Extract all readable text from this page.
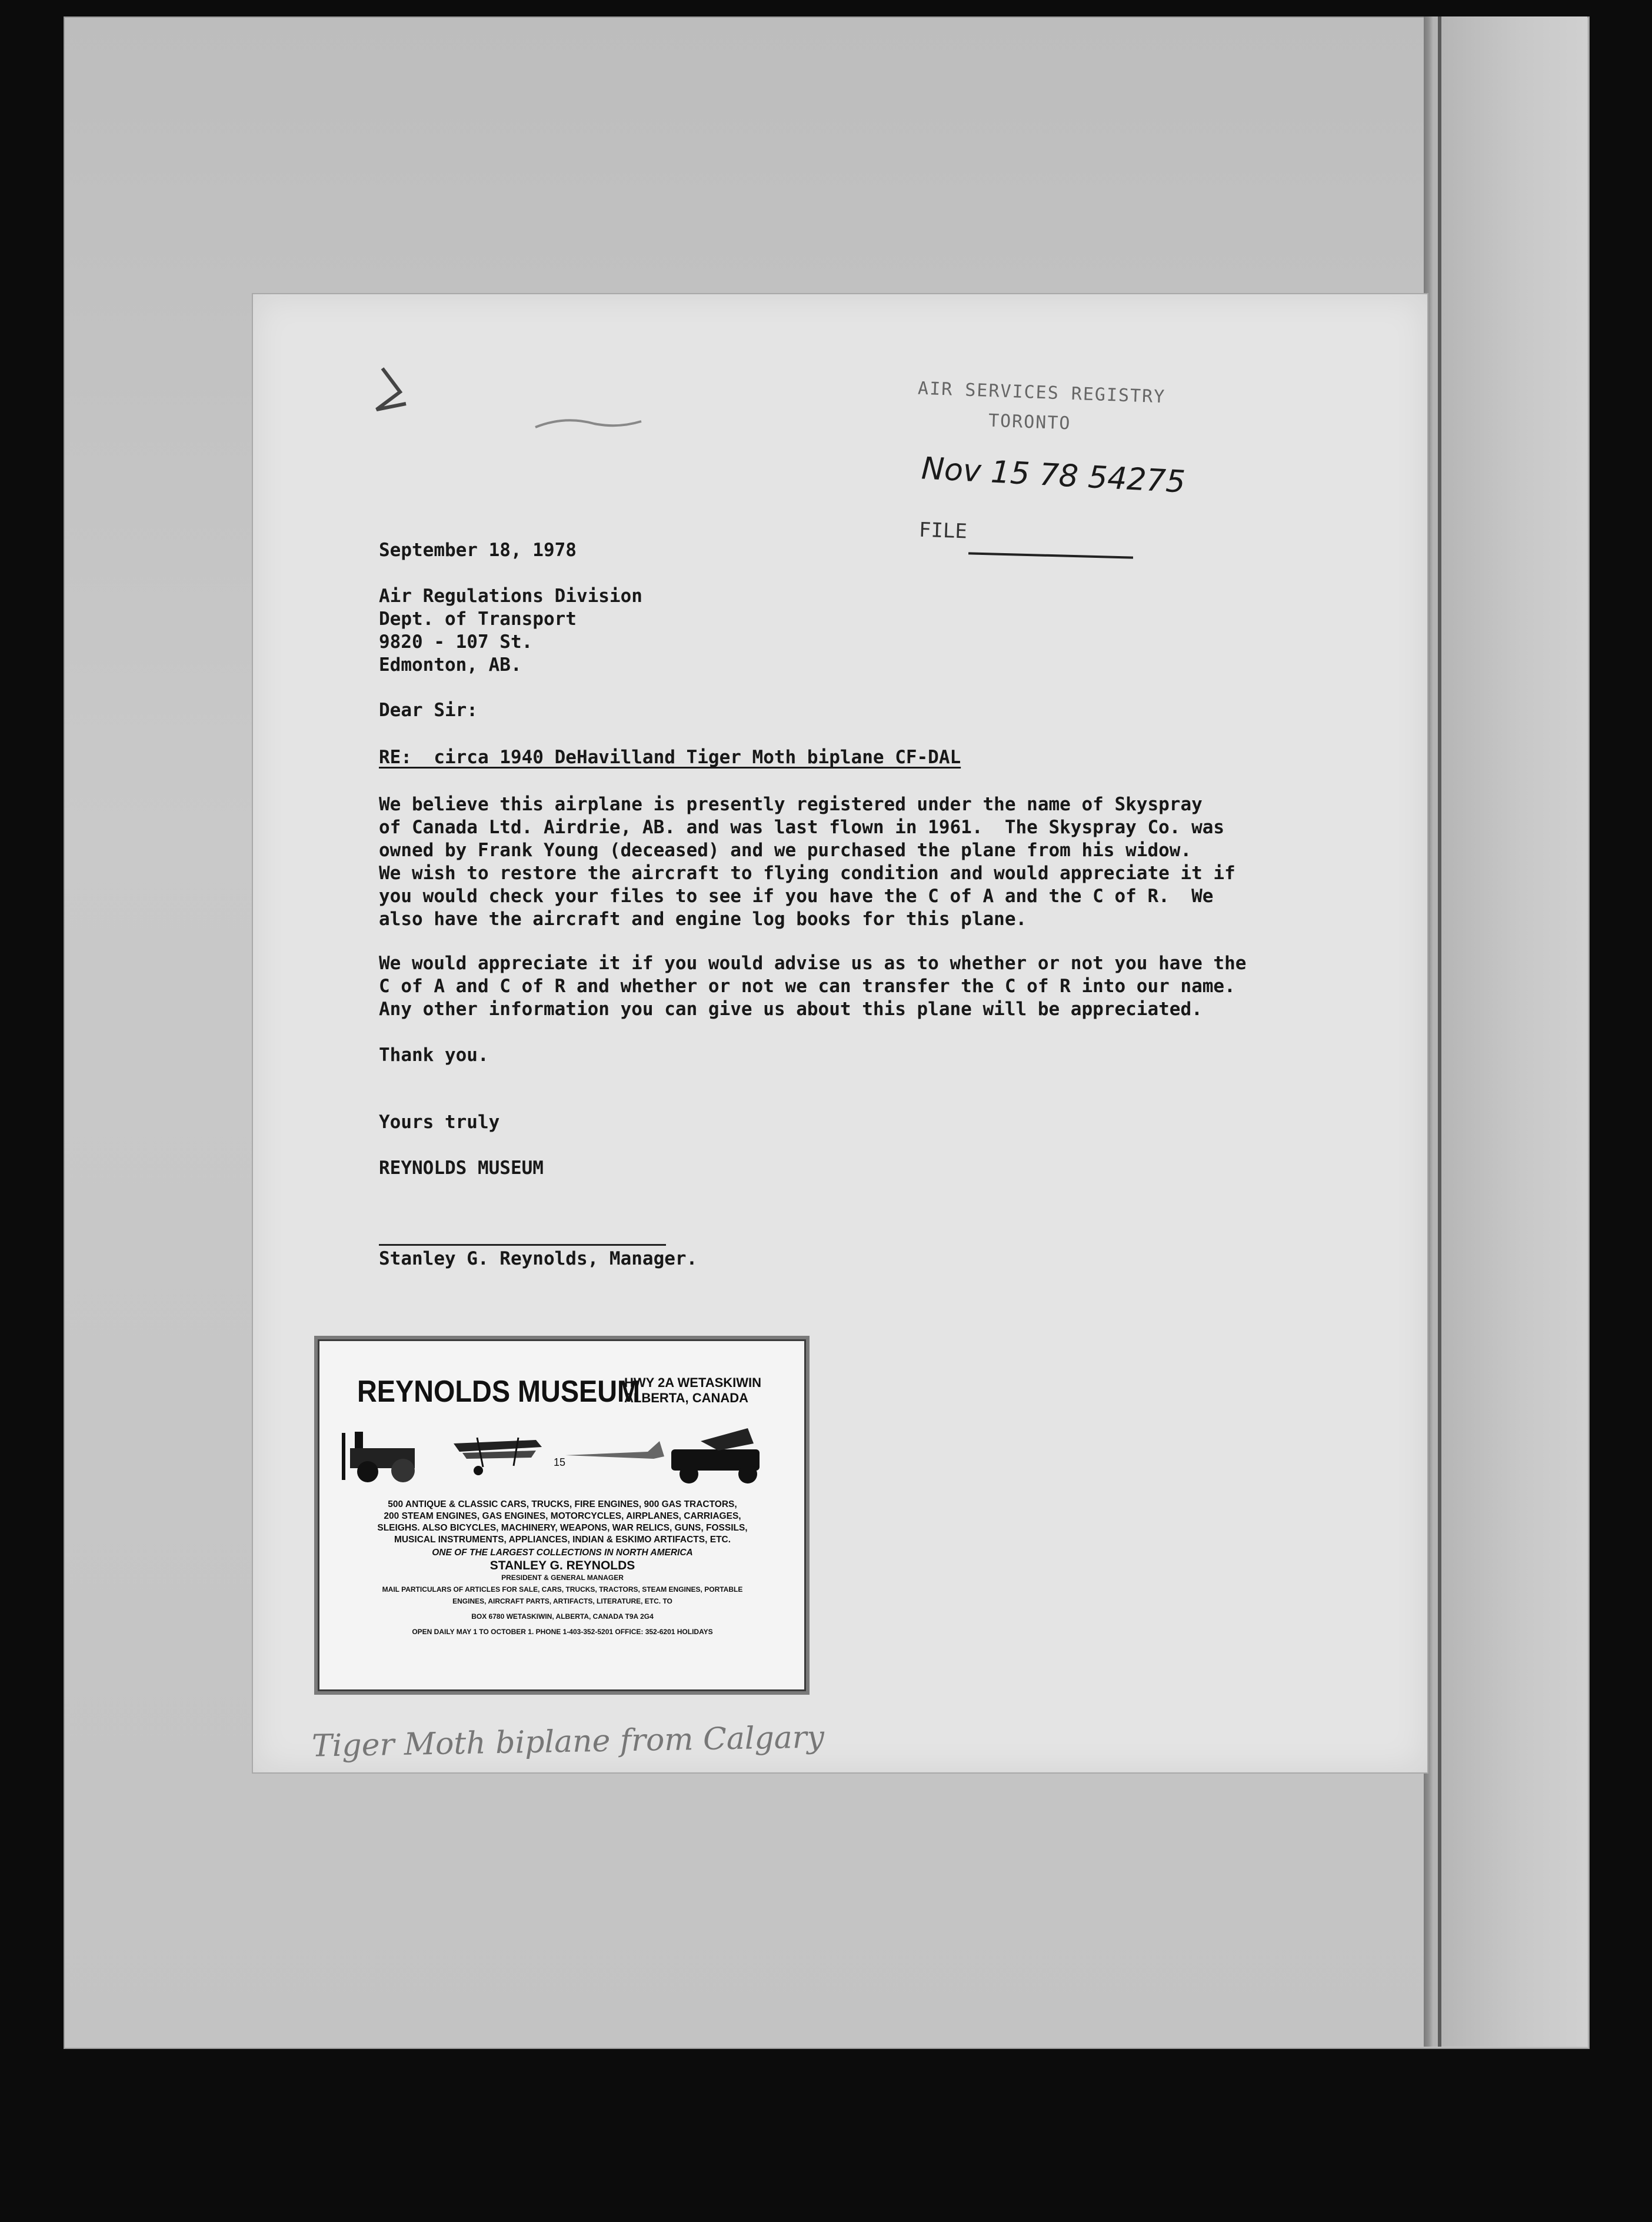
AIR SERVICES REGISTRY
TORONTO
Nov 15 78 54275
FILE
September 18, 1978
Air Regulations Division
Dept. of Transport
9820 - 107 St.
Edmonton, AB.
Dear Sir:
RE:  circa 1940 DeHavilland Tiger Moth biplane CF-DAL
We believe this airplane is presently registered under the name of Skyspray
of Canada Ltd. Airdrie, AB. and was last flown in 1961.  The Skyspray Co. was
owned by Frank Young (deceased) and we purchased the plane from his widow.
We wish to restore the aircraft to flying condition and would appreciate it if
you would check your files to see if you have the C of A and the C of R.  We
also have the aircraft and engine log books for this plane.
We would appreciate it if you would advise us as to whether or not you have the
C of A and C of R and whether or not we can transfer the C of R into our name.
Any other information you can give us about this plane will be appreciated.
Thank you.
Yours truly
REYNOLDS MUSEUM
Stanley G. Reynolds, Manager.
REYNOLDS MUSEUM
HWY 2A WETASKIWIN
ALBERTA, CANADA
15
500 ANTIQUE & CLASSIC CARS, TRUCKS, FIRE ENGINES, 900 GAS TRACTORS,
200 STEAM ENGINES, GAS ENGINES, MOTORCYCLES, AIRPLANES, CARRIAGES,
SLEIGHS. ALSO BICYCLES, MACHINERY, WEAPONS, WAR RELICS, GUNS, FOSSILS,
MUSICAL INSTRUMENTS, APPLIANCES, INDIAN & ESKIMO ARTIFACTS, ETC.
ONE OF THE LARGEST COLLECTIONS IN NORTH AMERICA
STANLEY G. REYNOLDS
PRESIDENT & GENERAL MANAGER
MAIL PARTICULARS OF ARTICLES FOR SALE, CARS, TRUCKS, TRACTORS, STEAM ENGINES, PORTABLE
ENGINES, AIRCRAFT PARTS, ARTIFACTS, LITERATURE, ETC. TO
BOX 6780 WETASKIWIN, ALBERTA, CANADA T9A 2G4
OPEN DAILY MAY 1 TO OCTOBER 1. PHONE 1-403-352-5201 OFFICE: 352-6201 HOLIDAYS
Tiger Moth biplane from Calgary
